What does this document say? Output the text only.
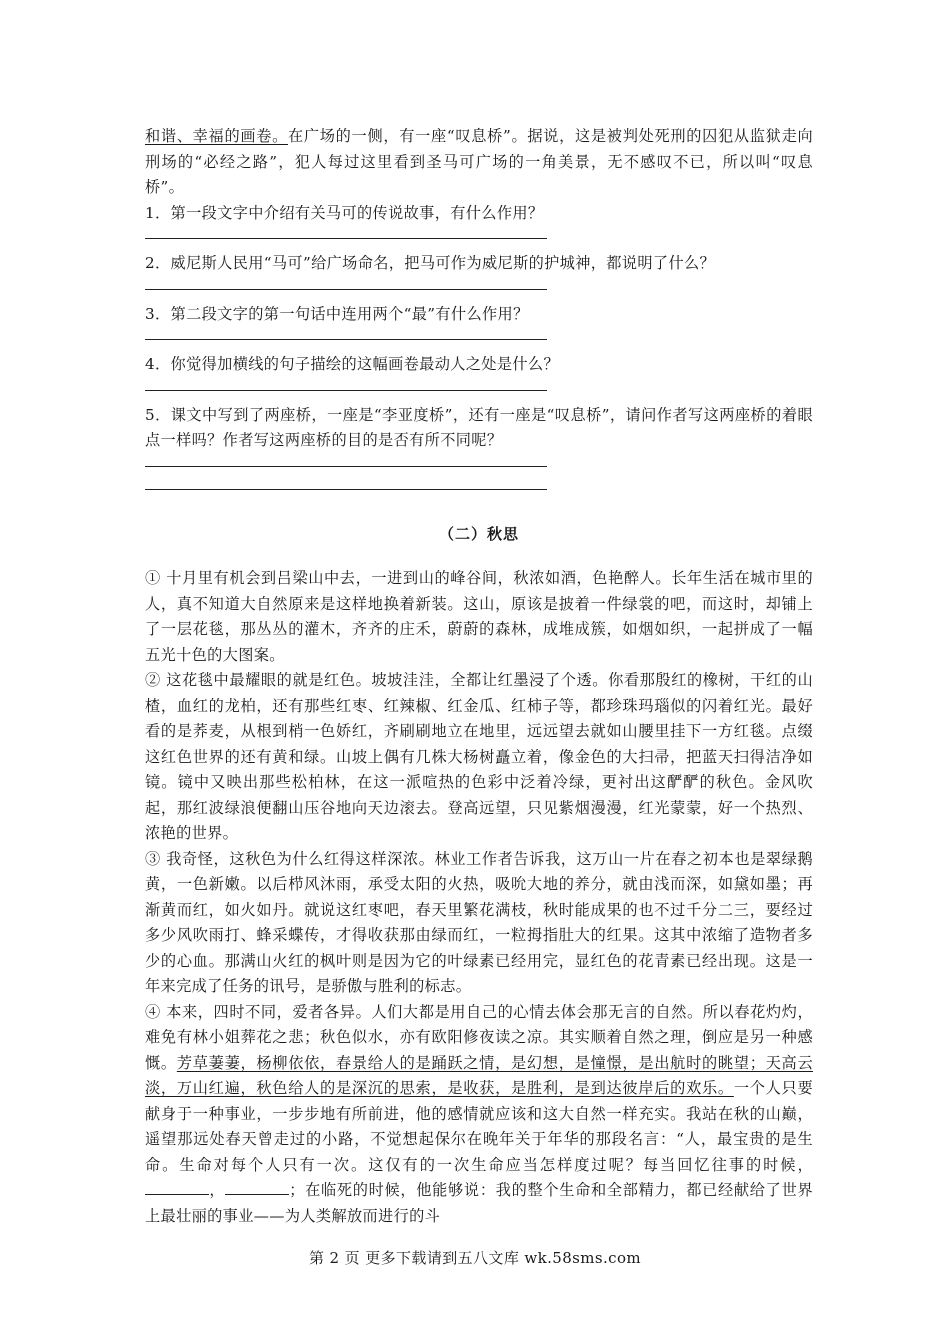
和谐、幸福的画卷。在广场的一侧，有一座“叹息桥”。据说，这是被判处死刑的囚犯从监狱走向刑场的“必经之路”，犯人每过这里看到圣马可广场的一角美景，无不感叹不已，所以叫“叹息桥”。

1．第一段文字中介绍有关马可的传说故事，有什么作用？

2．威尼斯人民用“马可”给广场命名，把马可作为威尼斯的护城神，都说明了什么？

3．第二段文字的第一句话中连用两个“最”有什么作用？

4．你觉得加横线的句子描绘的这幅画卷最动人之处是什么？

5．课文中写到了两座桥，一座是“李亚度桥”，还有一座是“叹息桥”，请问作者写这两座桥的着眼点一样吗？作者写这两座桥的目的是否有所不同呢？

（二）秋思

① 十月里有机会到吕梁山中去，一进到山的峰谷间，秋浓如酒，色艳醉人。长年生活在城市里的人，真不知道大自然原来是这样地换着新装。这山，原该是披着一件绿裳的吧，而这时，却铺上了一层花毯，那丛丛的灌木，齐齐的庄禾，蔚蔚的森林，成堆成簇，如烟如织，一起拼成了一幅五光十色的大图案。

② 这花毯中最耀眼的就是红色。坡坡洼洼，全都让红墨浸了个透。你看那殷红的橡树，干红的山楂，血红的龙柏，还有那些红枣、红辣椒、红金瓜、红柿子等，都珍珠玛瑙似的闪着红光。最好看的是荞麦，从根到梢一色娇红，齐刷刷地立在地里，远远望去就如山腰里挂下一方红毯。点缀这红色世界的还有黄和绿。山坡上偶有几株大杨树矗立着，像金色的大扫帚，把蓝天扫得洁净如镜。镜中又映出那些松柏林，在这一派喧热的色彩中泛着冷绿，更衬出这酽酽的秋色。金风吹起，那红波绿浪便翻山压谷地向天边滚去。登高远望，只见紫烟漫漫，红光蒙蒙，好一个热烈、浓艳的世界。

③ 我奇怪，这秋色为什么红得这样深浓。林业工作者告诉我，这万山一片在春之初本也是翠绿鹅黄，一色新嫩。以后栉风沐雨，承受太阳的火热，吸吮大地的养分，就由浅而深，如黛如墨；再渐黄而红，如火如丹。就说这红枣吧，春天里繁花满枝，秋时能成果的也不过千分二三，要经过多少风吹雨打、蜂采蝶传，才得收获那由绿而红，一粒拇指肚大的红果。这其中浓缩了造物者多少的心血。那满山火红的枫叶则是因为它的叶绿素已经用完，显红色的花青素已经出现。这是一年来完成了任务的讯号，是骄傲与胜利的标志。

④ 本来，四时不同，爱者各异。人们大都是用自己的心情去体会那无言的自然。所以春花灼灼，难免有林小姐葬花之悲；秋色似水，亦有欧阳修夜读之凉。其实顺着自然之理，倒应是另一种感慨。芳草萋萋，杨柳依依，春景给人的是踊跃之情，是幻想，是憧憬，是出航时的眺望；天高云淡，万山红遍，秋色给人的是深沉的思索，是收获，是胜利，是到达彼岸后的欢乐。一个人只要献身于一种事业，一步步地有所前进，他的感情就应该和这大自然一样充实。我站在秋的山巅，遥望那远处春天曾走过的小路，不觉想起保尔在晚年关于年华的那段名言：“人，最宝贵的是生命。生命对每个人只有一次。这仅有的一次生命应当怎样度过呢？每当回忆往事的时候，，	；在临死的时候，他能够说：我的整个生命和全部精力，都已经献给了世界上最壮丽的事业——为人类解放而进行的斗

第 2 页 更多下载请到五八文库 wk.58sms.com
